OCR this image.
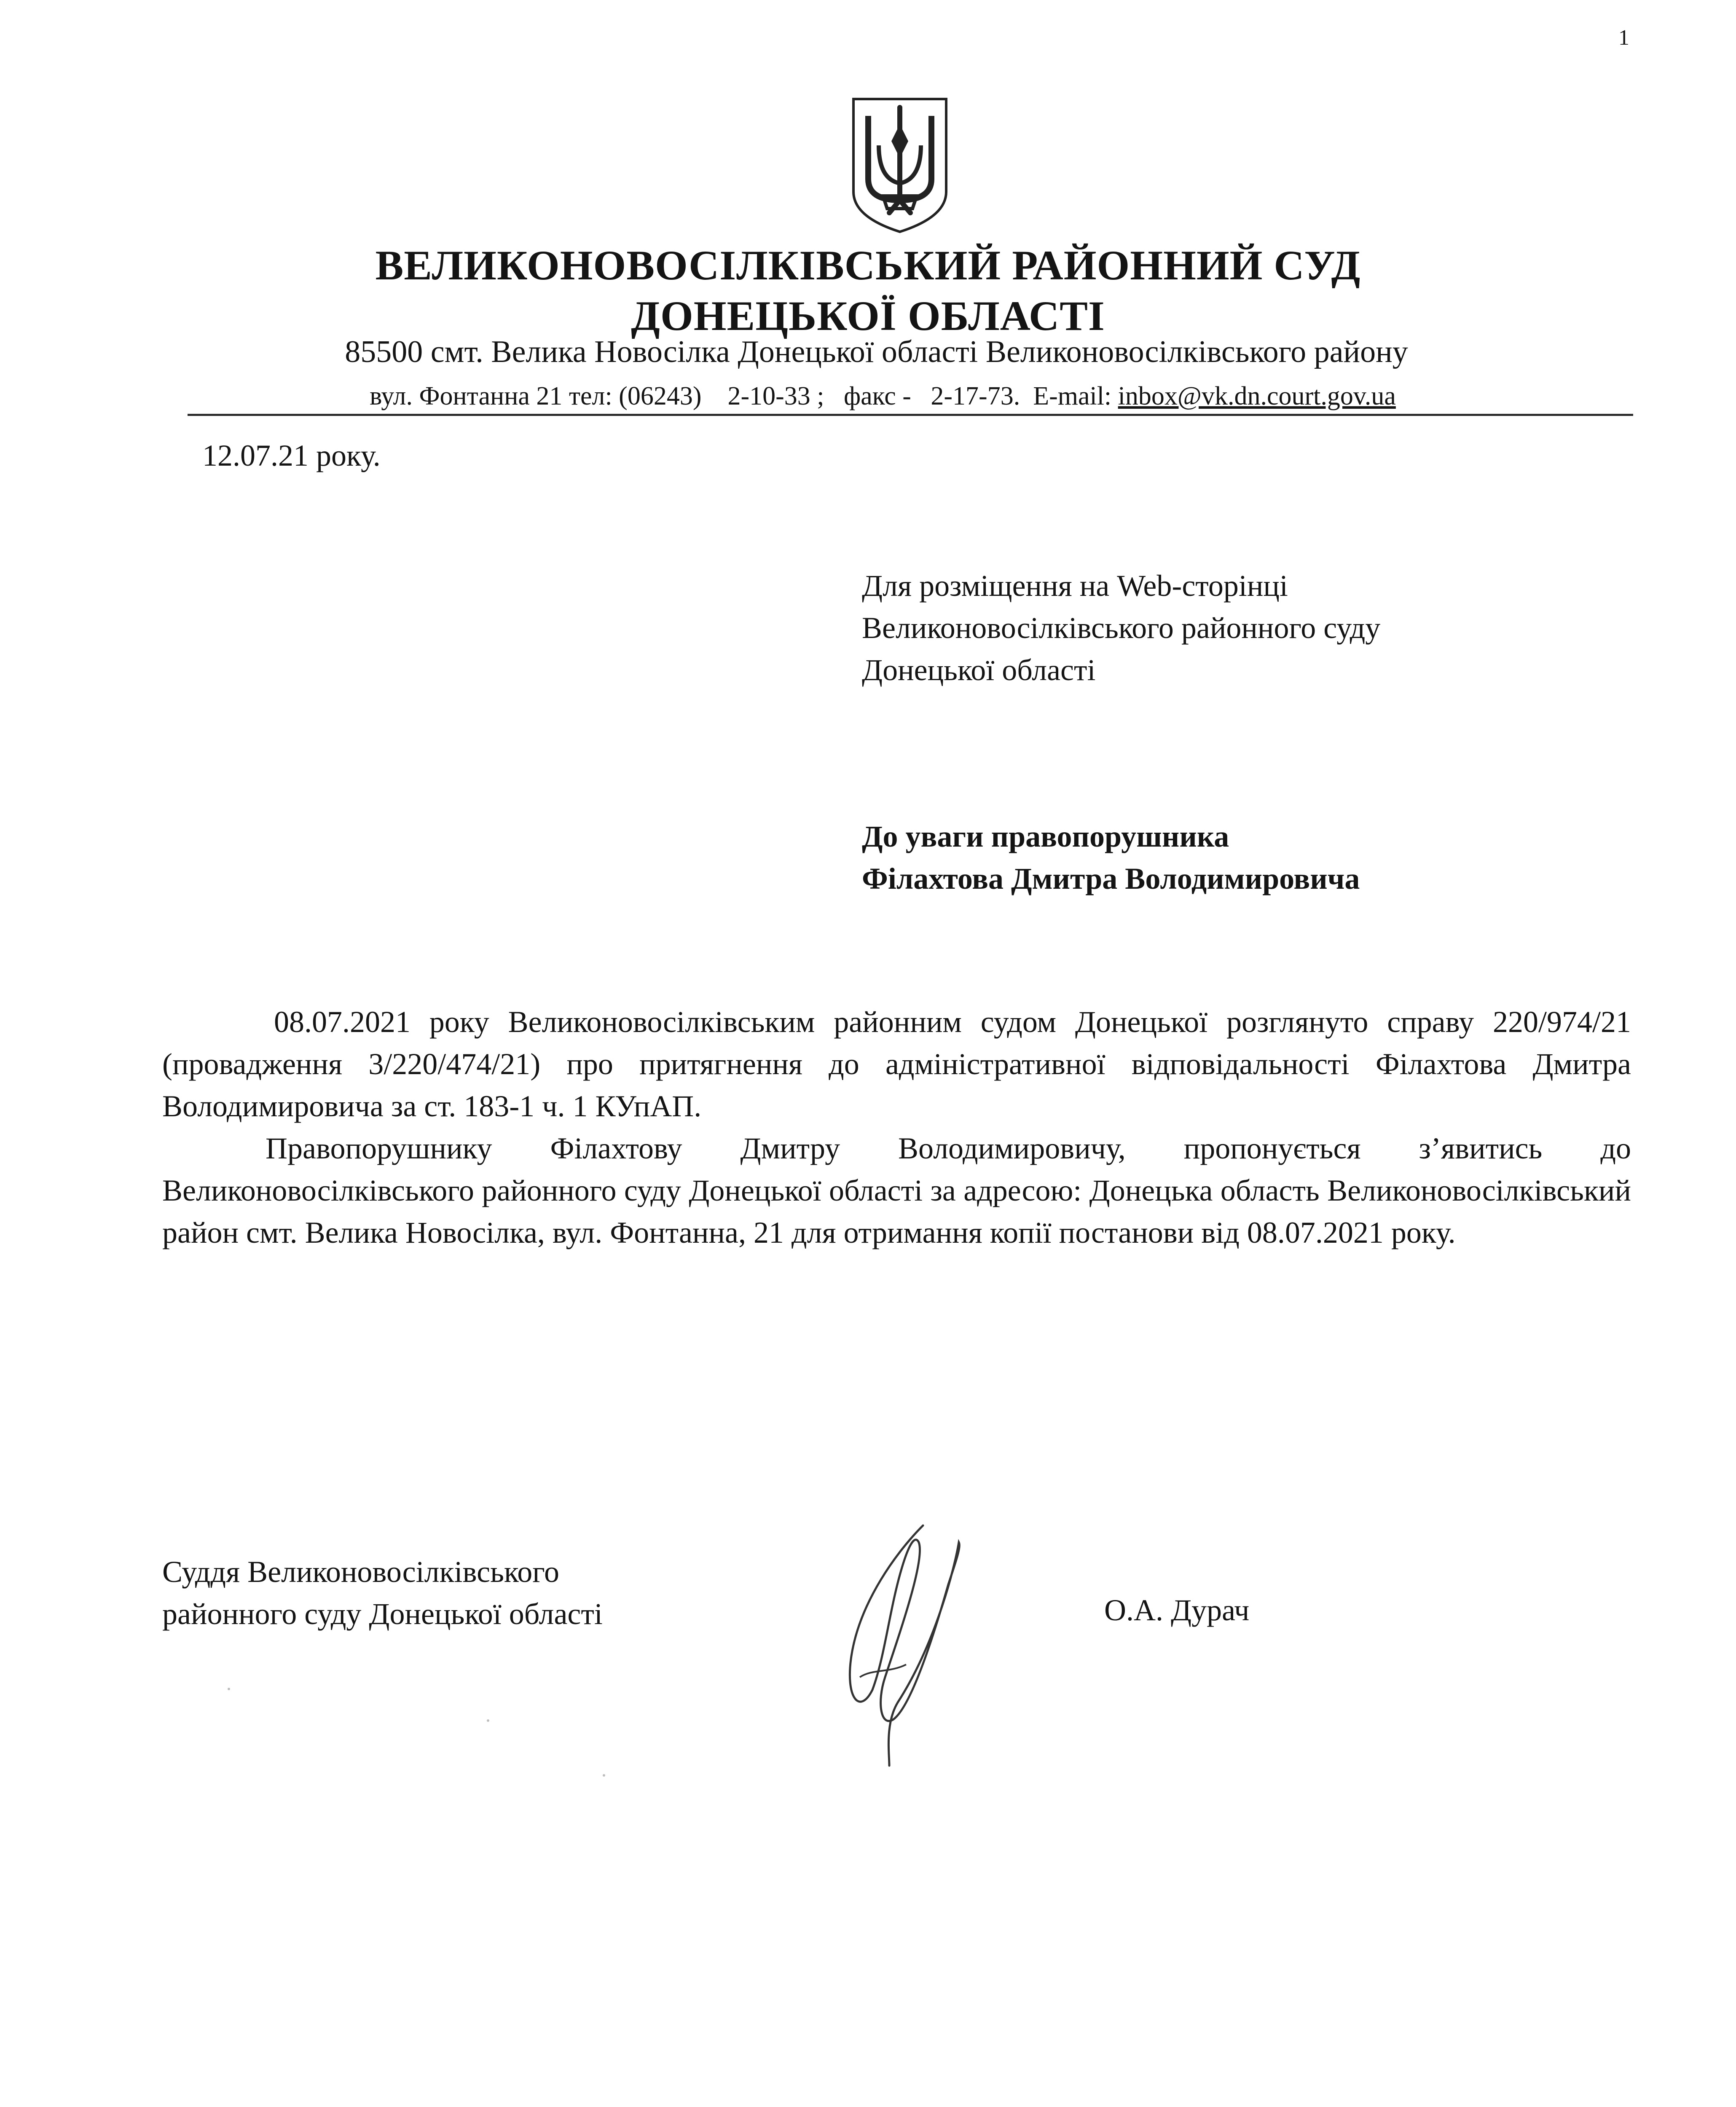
1
ВЕЛИКОНОВОСІЛКІВСЬКИЙ РАЙОННИЙ СУД
ДОНЕЦЬКОЇ ОБЛАСТІ
85500 смт. Велика Новосілка Донецької області Великоновосілківського району
вул. Фонтанна 21 тел: (06243)    2-10-33 ;   факс -   2-17-73.  E-mail: inbox@vk.dn.court.gov.ua
12.07.21 року.
Для розміщення на Web-сторінці
Великоновосілківського районного суду
Донецької області
До уваги правопорушника
Філахтова Дмитра Володимировича

08.07.2021 року Великоновосілківським районним судом Донецької розглянуто справу 220/974/21 (провадження 3/220/474/21) про притягнення до адміністративної відповідальності Філахтова Дмитра Володимировича за ст. 183-1 ч. 1 КУпАП.

Правопорушнику Філахтову Дмитру Володимировичу, пропонується з’явитись до Великоновосілківського районного суду Донецької області за адресою: Донецька область Великоновосілківський район смт. Велика Новосілка, вул. Фонтанна, 21 для отримання копії постанови від 08.07.2021 року.

Суддя Великоновосілківського
районного суду Донецької області	О.А. Дурач
